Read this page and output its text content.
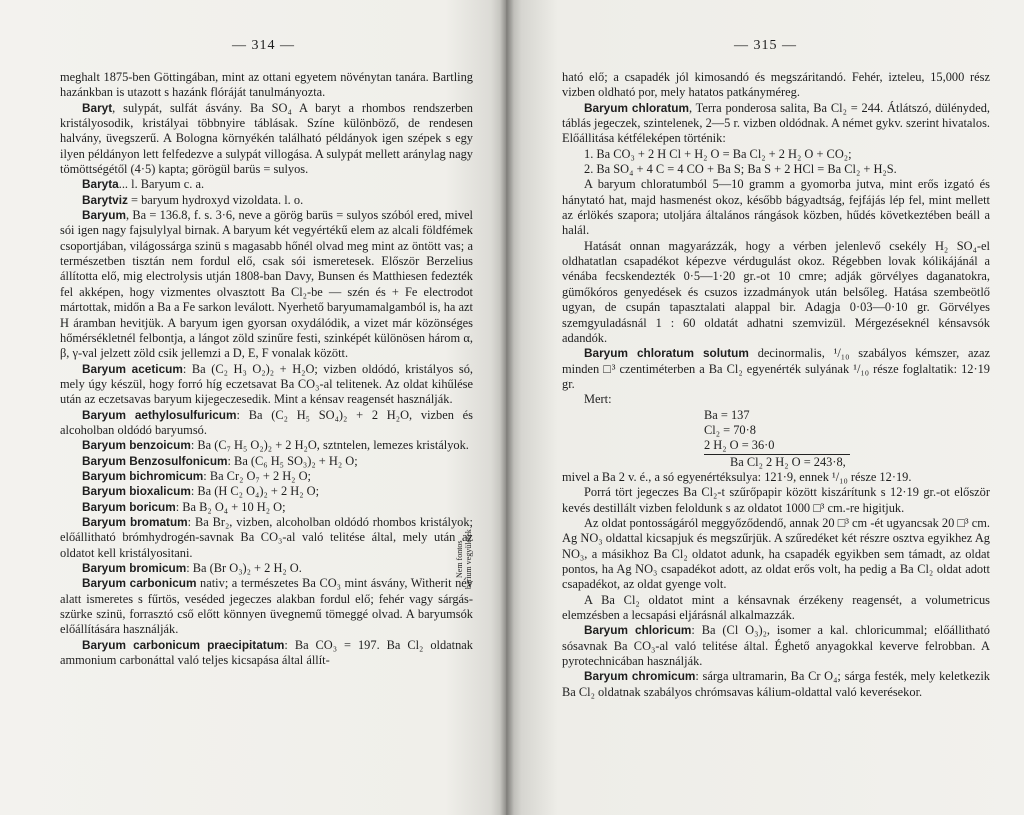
— 314 —

meghalt 1875-ben Göttingában, mint az ottani egyetem növénytan tanára. Bartling hazánkban is utazott s hazánk flóráját tanulmányozta.

Baryt, sulypát, sulfát ásvány. Ba SO₄ A baryt a rhombos rendszerben kristályosodik, kristályai többnyire táblásak. Színe különböző, de rendesen halvány, üvegszerű. A Bologna környékén található példányok igen szépek s egy ilyen példányon lett felfedezve a sulypát villogása. A sulypát mellett aránylag nagy tömöttségétől (4·5) kapta; görögül barüs = sulyos.

Baryta... l. Baryum c. a.

Barytviz = baryum hydroxyd vizoldata. l. o.

Baryum, Ba = 136.8, f. s. 3·6, neve a görög barüs = sulyos szóból ered, mivel sói igen nagy fajsulylyal birnak. A baryum két vegyértékű elem az alcali földfémek csoportjában, világossárga szinü s magasabb hőnél olvad meg mint az öntött vas; a természetben tisztán nem fordul elő, csak sói ismeretesek. Először Berzelius állította elő, mig electrolysis utján 1808-ban Davy, Bunsen és Matthiesen fedezték fel akképen, hogy vizmentes olvasztott Ba Cl₂-be — szén és + Fe electrodot mártottak, midőn a Ba a Fe sarkon leválott. Nyerhető baryumamalgamból is, ha azt H áramban hevitjük. A baryum igen gyorsan oxydálódik, a vizet már közönséges hőmérsékletnél felbontja, a lángot zöld szinűre festi, szinképét különösen három α, β, γ-val jelzett zöld csik jellemzi a D, E, F vonalak között.

Baryum aceticum: Ba (C₂ H₃ O₂)₂ + H₂O; vizben oldódó, kristályos só, mely úgy készül, hogy forró híg eczetsavat Ba CO₃-al telitenek. Az oldat kihűlése után az eczetsavas baryum kijegeczesedik. Mint a kénsav reagensét használják.

Baryum aethylosulfuricum: Ba (C₂ H₅ SO₄)₂ + 2 H₂O, vizben és alcoholban oldódó baryumsó.

Baryum benzoicum: Ba (C₇ H₅ O₂)₂ + 2 H₂O, sztntelen, lemezes kristályok.

Baryum Benzosulfonicum: Ba (C₆ H₅ SO₃)₂ + H₂ O;

Baryum bichromicum: Ba Cr₂ O₇ + 2 H₂ O;

Baryum bioxalicum: Ba (H C₂ O₄)₂ + 2 H₂ O;

Baryum boricum: Ba B₂ O₄ + 10 H₂ O;

Baryum bromatum: Ba Br₂, vizben, alcoholban oldódó rhombos kristályok; előállitható brómhydrogén-savnak Ba CO₃-al való telitése által, mely után az oldatot kell kristályositani.

Baryum bromicum: Ba (Br O₃)₂ + 2 H₂ O.

Baryum carbonicum nativ; a természetes Ba CO₃ mint ásvány, Witherit név alatt ismeretes s fűrtös, veséded jegeczes alakban fordul elő; fehér vagy sárgás-szürke szinü, forrasztó cső előtt könnyen üvegnemű tömeggé olvad. A baryumsók előállítására használják.

Baryum carbonicum praecipitatum: Ba CO₃ = 197. Ba Cl₂ oldatnak ammonium carbonáttal való teljes kicsapása által állít-

Nem fontos barium vegyületek
— 315 —

ható elő; a csapadék jól kimosandó és megszáritandó. Fehér, izteleu, 15,000 rész vizben oldható por, mely hatatos patkányméreg.

Baryum chloratum, Terra ponderosa salita, Ba Cl₂ = 244. Átlátszó, dülényded, táblás jegeczek, szintelenek, 2—5 r. vizben oldódnak. A német gykv. szerint hivatalos. Előállitása kétféleképen történik:

1. Ba CO₃ + 2 H Cl + H₂ O = Ba Cl₂ + 2 H₂ O + CO₂;

2. Ba SO₄ + 4 C = 4 CO + Ba S; Ba S + 2 HCl = Ba Cl₂ + H₂S.

A baryum chloratumból 5—10 gramm a gyomorba jutva, mint erős izgató és hánytató hat, majd hasmenést okoz, később bágyadtság, fejfájás lép fel, mint mellett az érlökés szapora; utoljára általános rángások közben, hűdés következtében beáll a halál.

Hatását onnan magyarázzák, hogy a vérben jelenlevő csekély H₂ SO₄-el oldhatatlan csapadékot képezve vérdugulást okoz. Régebben lovak kólikájánál a vénába fecskendezték 0·5—1·20 gr.-ot 10 cmre; adják görvélyes daganatokra, gümőkóros genyedések és csuzos izzadmányok után belsőleg. Hatása szembeötlő ugyan, de csupán tapasztalati alappal bir. Adagja 0·03—0·10 gr. Görvélyes szemgyuladásnál 1 : 60 oldatát adhatni szemvizül. Mérgezéseknél kénsavsók adandók.

Baryum chloratum solutum decinormalis, ¹/₁₀ szabályos kémszer, azaz minden □³ czentiméterben a Ba Cl₂ egyenérték sulyának ¹/₁₀ része foglaltatik: 12·19 gr.

Mert:

Ba = 137

Cl₂ = 70·8

2 H₂ O = 36·0

Ba Cl₂ 2 H₂ O = 243·8,

mivel a Ba 2 v. é., a só egyenértéksulya: 121·9, ennek ¹/₁₀ része 12·19.

Porrá tört jegeczes Ba Cl₂-t szűrőpapir között kiszárítunk s 12·19 gr.-ot először kevés destillált vizben feloldunk s az oldatot 1000 □³ cm.-re higitjuk.

Az oldat pontosságáról meggyőződendő, annak 20 □³ cm -ét ugyancsak 20 □³ cm. Ag NO₃ oldattal kicsapjuk és megszűrjük. A szűredéket két részre osztva egyikhez Ag NO₃, a másikhoz Ba Cl₂ oldatot adunk, ha csapadék egyikben sem támadt, az oldat pontos, ha Ag NO₃ csapadékot adott, az oldat erős volt, ha pedig a Ba Cl₂ oldat adott csapadékot, az oldat gyenge volt.

A Ba Cl₂ oldatot mint a kénsavnak érzékeny reagensét, a volumetricus elemzésben a lecsapási eljárásnál alkalmazzák.

Baryum chloricum: Ba (Cl O₃)₂, isomer a kal. chloricummal; előállitható sósavnak Ba CO₃-al való telitése által. Éghető anyagokkal keverve felrobban. A pyrotechnicában használják.

Baryum chromicum: sárga ultramarin, Ba Cr O₄; sárga festék, mely keletkezik Ba Cl₂ oldatnak szabályos chrómsavas kálium-oldattal való keverésekor.
